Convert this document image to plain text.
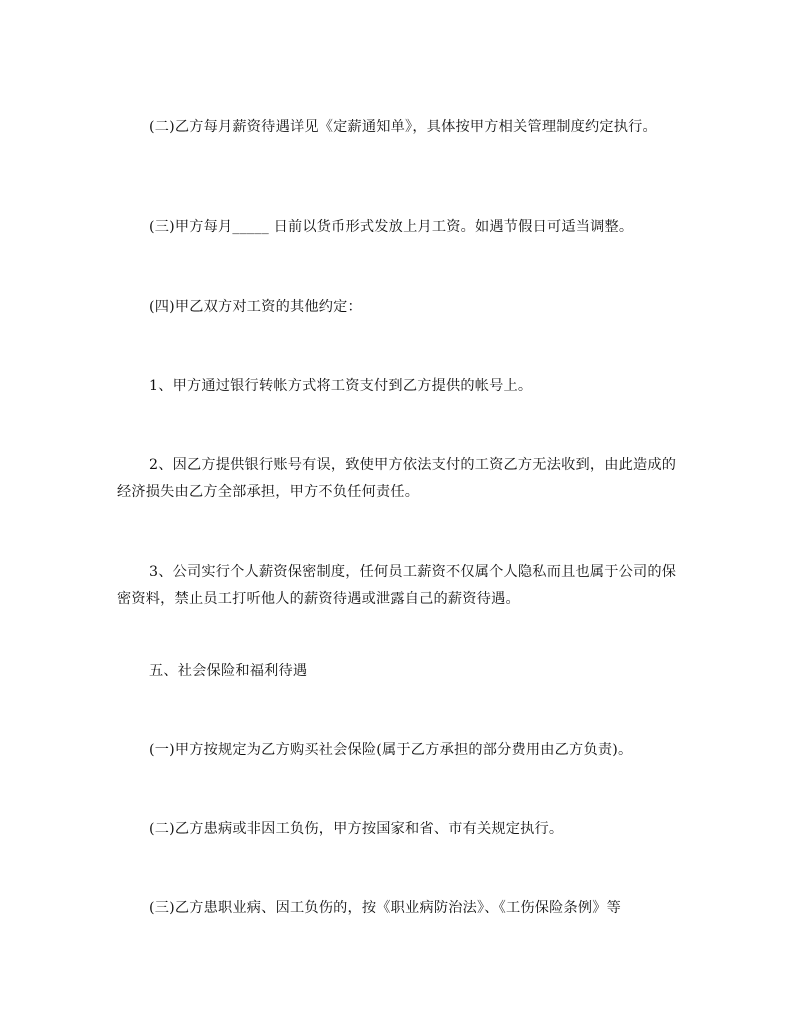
(二)乙方每月薪资待遇详见《定薪通知单》，具体按甲方相关管理制度约定执行。

(三)甲方每月_____ 日前以货币形式发放上月工资。如遇节假日可适当调整。

(四)甲乙双方对工资的其他约定：

1、甲方通过银行转帐方式将工资支付到乙方提供的帐号上。

2、因乙方提供银行账号有误，致使甲方依法支付的工资乙方无法收到，由此造成的经济损失由乙方全部承担，甲方不负任何责任。

3、公司实行个人薪资保密制度，任何员工薪资不仅属个人隐私而且也属于公司的保密资料，禁止员工打听他人的薪资待遇或泄露自己的薪资待遇。

五、社会保险和福利待遇

(一)甲方按规定为乙方购买社会保险(属于乙方承担的部分费用由乙方负责)。

(二)乙方患病或非因工负伤，甲方按国家和省、市有关规定执行。

(三)乙方患职业病、因工负伤的，按《职业病防治法》、《工伤保险条例》等
